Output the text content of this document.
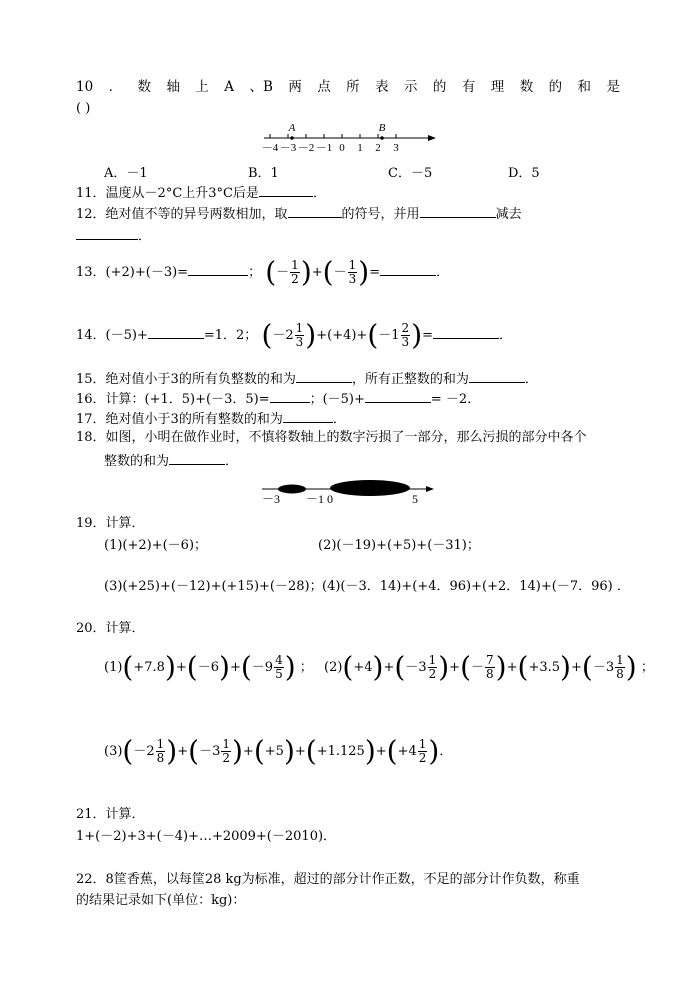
10 ． 数 轴 上 A 、B 两 点 所 表 示 的 有 理 数 的 和 是
( )
－4 －3 －2 －1 0 1 2 3
A	B
A．－1	B．1	C．－5	D．5
11．温度从－2°C上升3°C后是	．
12．绝对值不等的异号两数相加，取	的符号，并用	减去
．
13．(+2)+(－3)=	； (－ $\frac{1}{2}$ )+(－ $\frac{1}{3}$ )=	．
14．(－5)+	=1．2； $(-2 \frac{1}{3} )+(+4)+(-1 \frac{2}{3}$ )=	．
15．绝对值小于3的所有负整数的和为	，所有正整数的和为	．
16．计算：(+1．5)+(－3．5)=	；(－5)+	= －2．
17．绝对值小于3的所有整数的和为	．
18．如图，小明在做作业时，不慎将数轴上的数字污损了一部分，那么污损的部分中各个
整数的和为	．
－3 －1 0	5
19．计算．
(1)(+2)+(－6)；	(2)(－19)+(+5)+(－31)；
(3)(+25)+(－12)+(+15)+(－28)； (4)(－3．14)+(+4．96)+(+2．14)+(－7．96) ．
20．计算．
$(1)(+7.8)+(-6)+(-9 \frac{4}{5}$ ) ； $(2)(+4)+(-3 \frac{1}{2}$ )+(－ $\frac{7}{8} )+(+3.5)+(-3 \frac{1}{8}$ ) ；
$(3)(-2 \frac{1}{8} )+(-3 \frac{1}{2} )+(+5)+(+1.125)+(+4 \frac{1}{2}$ )．
21．计算．
1+(－2)+3+(－4)+…+2009+(－2010)．
22．8筐香蕉，以每筐28 kg为标准，超过的部分计作正数，不足的部分计作负数，称重
的结果记录如下(单位：kg)：
